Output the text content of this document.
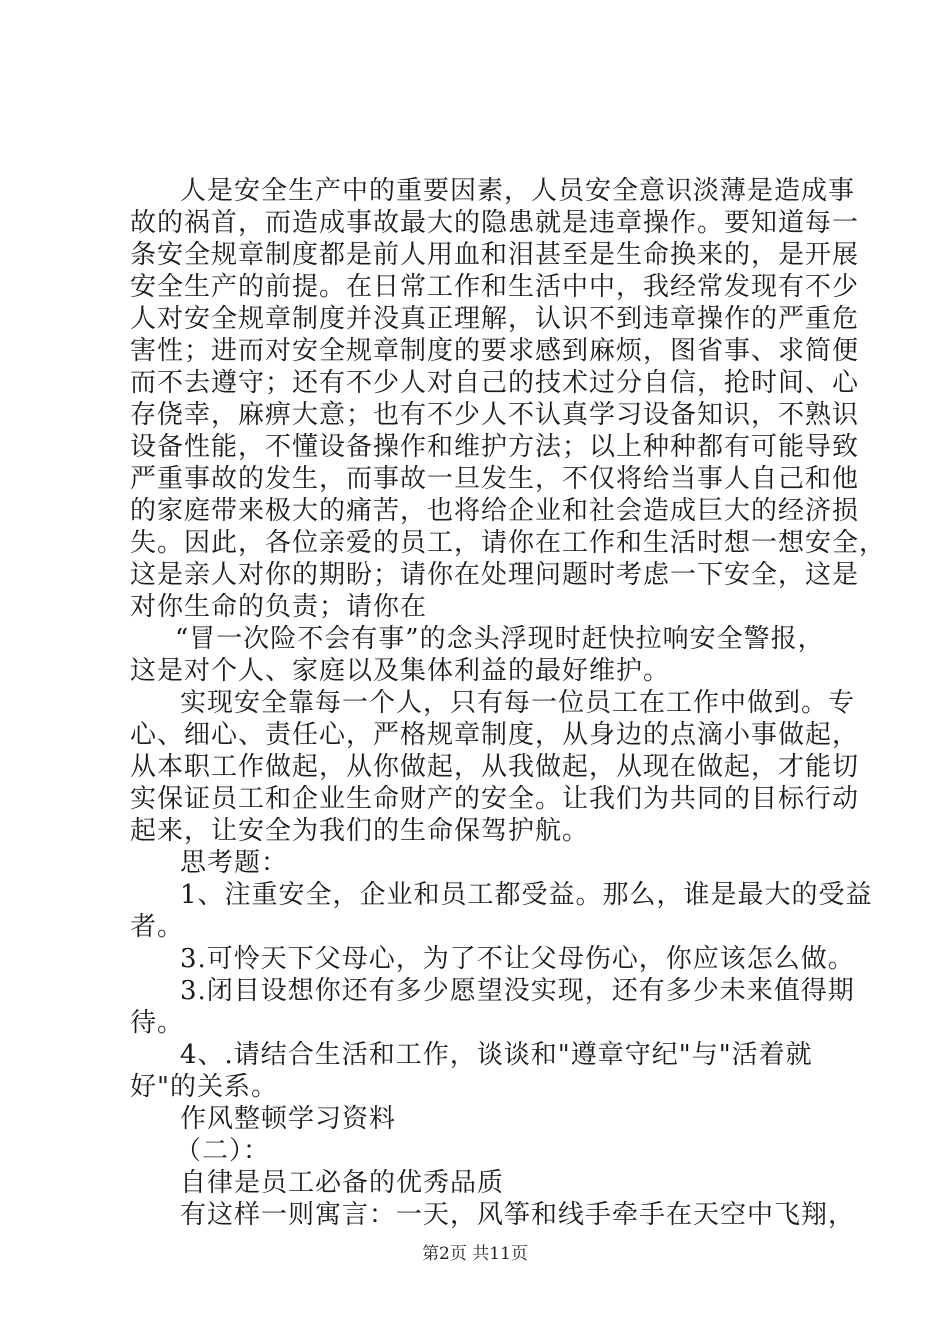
人是安全生产中的重要因素，人员安全意识淡薄是造成事
故的祸首，而造成事故最大的隐患就是违章操作。要知道每一
条安全规章制度都是前人用血和泪甚至是生命换来的，是开展
安全生产的前提。在日常工作和生活中中，我经常发现有不少
人对安全规章制度并没真正理解，认识不到违章操作的严重危
害性；进而对安全规章制度的要求感到麻烦，图省事、求简便
而不去遵守；还有不少人对自己的技术过分自信，抢时间、心
存侥幸，麻痹大意；也有不少人不认真学习设备知识，不熟识
设备性能，不懂设备操作和维护方法；以上种种都有可能导致
严重事故的发生，而事故一旦发生，不仅将给当事人自己和他
的家庭带来极大的痛苦，也将给企业和社会造成巨大的经济损
失。因此，各位亲爱的员工，请你在工作和生活时想一想安全，
这是亲人对你的期盼；请你在处理问题时考虑一下安全，这是
对你生命的负责；请你在
“冒一次险不会有事”的念头浮现时赶快拉响安全警报，
这是对个人、家庭以及集体利益的最好维护。
实现安全靠每一个人，只有每一位员工在工作中做到。专
心、细心、责任心，严格规章制度，从身边的点滴小事做起，
从本职工作做起，从你做起，从我做起，从现在做起，才能切
实保证员工和企业生命财产的安全。让我们为共同的目标行动
起来，让安全为我们的生命保驾护航。
思考题：
1、注重安全，企业和员工都受益。那么，谁是最大的受益
者。
3.可怜天下父母心，为了不让父母伤心，你应该怎么做。
3.闭目设想你还有多少愿望没实现，还有多少未来值得期
待。
4、.请结合生活和工作，谈谈和"遵章守纪"与"活着就
好"的关系。
作风整顿学习资料
（二）：
自律是员工必备的优秀品质
有这样一则寓言：一天，风筝和线手牵手在天空中飞翔，
第2页 共11页
